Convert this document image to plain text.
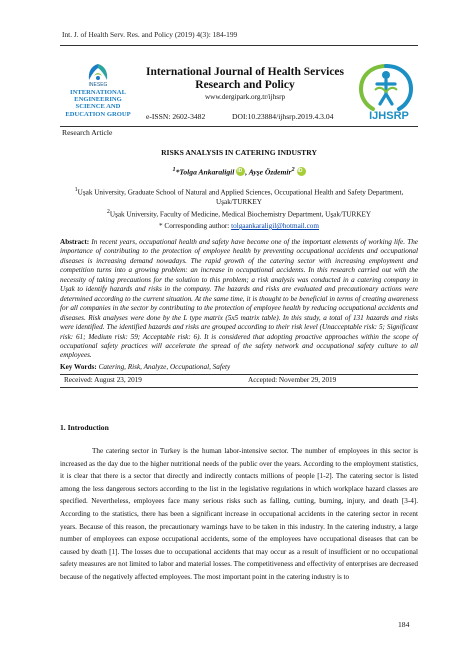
Int. J. of Health Serv. Res. and Policy (2019) 4(3): 184-199
INESEG
INTERNATIONAL
ENGINEERING
SCIENCE AND
EDUCATION GROUP
International Journal of Health Services Research and Policy
www.dergipark.org.tr/ijhsrp
e-ISSN: 2602-3482	DOI:10.23884/ijhsrp.2019.4.3.04	IJHSRP
Research Article
RISKS ANALYSIS IN CATERING INDUSTRY
$^1$*Tolga Ankaraligil iD , Ayşe Özdemir$^2$ iD
$^1$Uşak University, Graduate School of Natural and Applied Sciences, Occupational Health and Safety Department, Uşak/TURKEY
$^2$Uşak University, Faculty of Medicine, Medical Biochemistry Department, Uşak/TURKEY
* Corresponding author: tolgaankaraligil@hotmail.com
Abstract: In recent years, occupational health and safety have become one of the important elements of working life. The importance of contributing to the protection of employee health by preventing occupational accidents and occupational diseases is increasing demand nowadays. The rapid growth of the catering sector with increasing employment and competition turns into a growing problem: an increase in occupational accidents. In this research carried out with the necessity of taking precautions for the solution to this problem; a risk analysis was conducted in a catering company in Uşak to identify hazards and risks in the company. The hazards and risks are evaluated and precautionary actions were determined according to the current situation. At the same time, it is thought to be beneficial in terms of creating awareness for all companies in the sector by contributing to the protection of employee health by reducing occupational accidents and diseases. Risk analyses were done by the L type matrix (5x5 matrix table). In this study, a total of 131 hazards and risks were identified. The identified hazards and risks are grouped according to their risk level (Unacceptable risk: 5; Significant risk: 61; Medium risk: 59; Acceptable risk: 6). It is considered that adopting proactive approaches within the scope of occupational safety practices will accelerate the spread of the safety network and occupational safety culture to all employees.
Key Words: Catering, Risk, Analyze, Occupational, Safety
Received: August 23, 2019	Accepted: November 29, 2019
1. Introduction
The catering sector in Turkey is the human labor-intensive sector. The number of employees in this sector is increased as the day due to the higher nutritional needs of the public over the years. According to the employment statistics, it is clear that there is a sector that directly and indirectly contacts millions of people [1-2]. The catering sector is listed among the less dangerous sectors according to the list in the legislative regulations in which workplace hazard classes are specified. Nevertheless, employees face many serious risks such as falling, cutting, burning, injury, and death [3-4]. According to the statistics, there has been a significant increase in occupational accidents in the catering sector in recent years. Because of this reason, the precautionary warnings have to be taken in this industry. In the catering industry, a large number of employees can expose occupational accidents, some of the employees have occupational diseases that can be caused by death [1]. The losses due to occupational accidents that may occur as a result of insufficient or no occupational safety measures are not limited to labor and material losses. The competitiveness and effectivity of enterprises are decreased because of the negatively affected employees. The most important point in the catering industry is to
184
